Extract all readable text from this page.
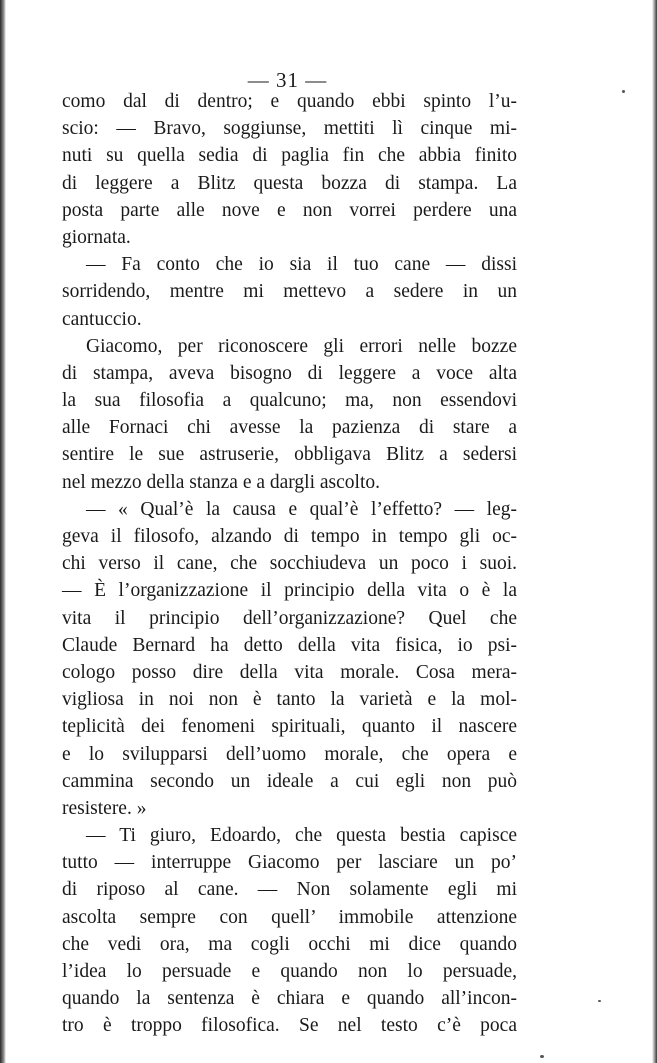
— 31 —
como dal di dentro; e quando ebbi spinto l’u-
scio: — Bravo, soggiunse, mettiti lì cinque mi-
nuti su quella sedia di paglia fin che abbia finito
di leggere a Blitz questa bozza di stampa. La
posta parte alle nove e non vorrei perdere una
giornata.
— Fa conto che io sia il tuo cane — dissi
sorridendo, mentre mi mettevo a sedere in un
cantuccio.
Giacomo, per riconoscere gli errori nelle bozze
di stampa, aveva bisogno di leggere a voce alta
la sua filosofia a qualcuno; ma, non essendovi
alle Fornaci chi avesse la pazienza di stare a
sentire le sue astruserie, obbligava Blitz a sedersi
nel mezzo della stanza e a dargli ascolto.
— « Qual’è la causa e qual’è l’effetto? — leg-
geva il filosofo, alzando di tempo in tempo gli oc-
chi verso il cane, che socchiudeva un poco i suoi.
— È l’organizzazione il principio della vita o è la
vita il principio dell’organizzazione? Quel che
Claude Bernard ha detto della vita fisica, io psi-
cologo posso dire della vita morale. Cosa mera-
vigliosa in noi non è tanto la varietà e la mol-
teplicità dei fenomeni spirituali, quanto il nascere
e lo svilupparsi dell’uomo morale, che opera e
cammina secondo un ideale a cui egli non può
resistere. »
— Ti giuro, Edoardo, che questa bestia capisce
tutto — interruppe Giacomo per lasciare un po’
di riposo al cane. — Non solamente egli mi
ascolta sempre con quell’ immobile attenzione
che vedi ora, ma cogli occhi mi dice quando
l’idea lo persuade e quando non lo persuade,
quando la sentenza è chiara e quando all’incon-
tro è troppo filosofica. Se nel testo c’è poca
